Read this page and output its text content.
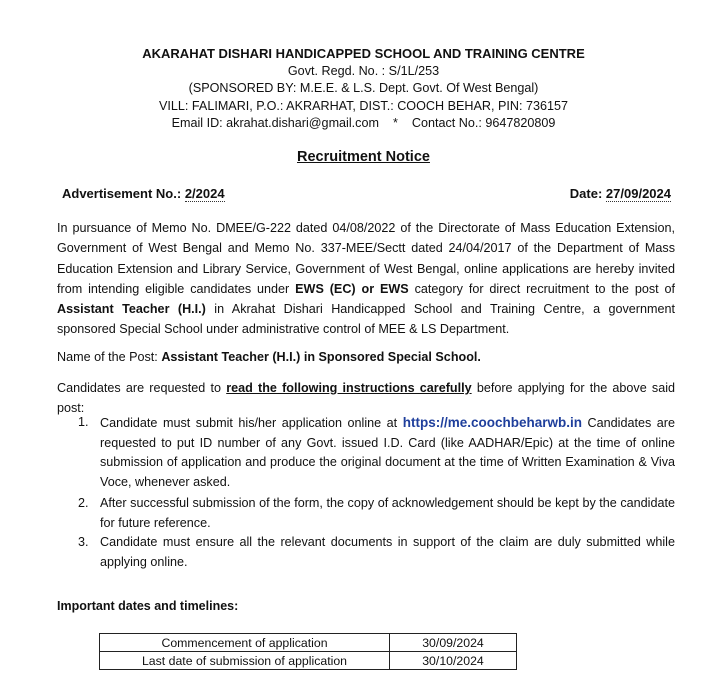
AKARAHAT DISHARI HANDICAPPED SCHOOL AND TRAINING CENTRE
Govt. Regd. No. : S/1L/253
(SPONSORED BY: M.E.E. & L.S. Dept. Govt. Of West Bengal)
VILL: FALIMARI, P.O.: AKRARHAT, DIST.: COOCH BEHAR, PIN: 736157
Email ID: akrahat.dishari@gmail.com * Contact No.: 9647820809
Recruitment Notice
Advertisement No.: 2/2024	Date: 27/09/2024
In pursuance of Memo No. DMEE/G-222 dated 04/08/2022 of the Directorate of Mass Education Extension, Government of West Bengal and Memo No. 337-MEE/Sectt dated 24/04/2017 of the Department of Mass Education Extension and Library Service, Government of West Bengal, online applications are hereby invited from intending eligible candidates under EWS (EC) or EWS category for direct recruitment to the post of Assistant Teacher (H.I.) in Akrahat Dishari Handicapped School and Training Centre, a government sponsored Special School under administrative control of MEE & LS Department.
Name of the Post: Assistant Teacher (H.I.) in Sponsored Special School.
Candidates are requested to read the following instructions carefully before applying for the above said post:
1. Candidate must submit his/her application online at https://me.coochbeharwb.in Candidates are requested to put ID number of any Govt. issued I.D. Card (like AADHAR/Epic) at the time of online submission of application and produce the original document at the time of Written Examination & Viva Voce, whenever asked.
2. After successful submission of the form, the copy of acknowledgement should be kept by the candidate for future reference.
3. Candidate must ensure all the relevant documents in support of the claim are duly submitted while applying online.
Important dates and timelines:
Commencement of application	30/09/2024
Last date of submission of application	30/10/2024
